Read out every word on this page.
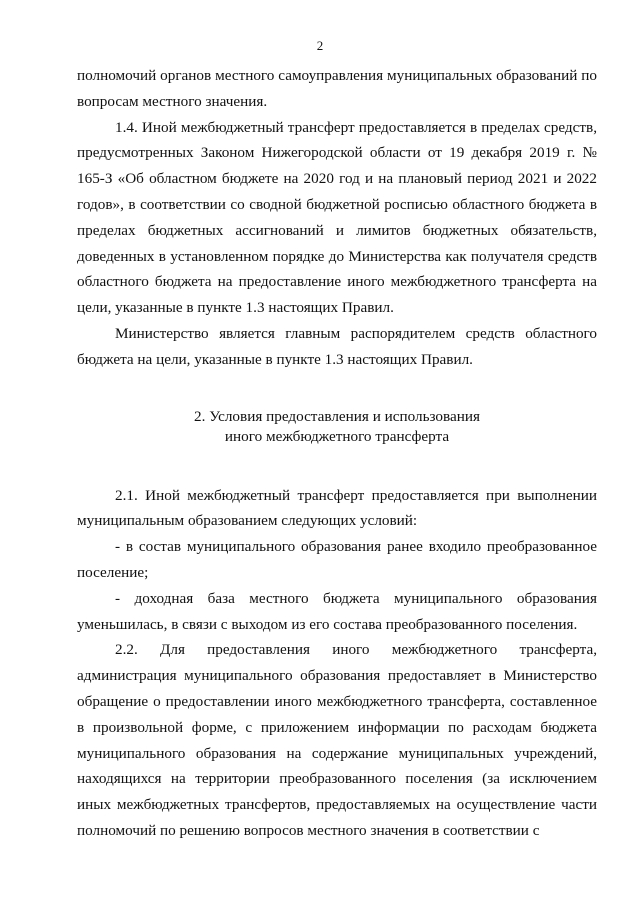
2

полномочий органов местного самоуправления муниципальных образований по вопросам местного значения.

1.4. Иной межбюджетный трансферт предоставляется в пределах средств, предусмотренных Законом Нижегородской области от 19 декабря 2019 г. № 165-З «Об областном бюджете на 2020 год и на плановый период 2021 и 2022 годов», в соответствии со сводной бюджетной росписью областного бюджета в пределах бюджетных ассигнований и лимитов бюджетных обязательств, доведенных в установленном порядке до Министерства как получателя средств областного бюджета на предоставление иного межбюджетного трансферта на цели, указанные в пункте 1.3 настоящих Правил.

Министерство является главным распорядителем средств областного бюджета на цели, указанные в пункте 1.3 настоящих Правил.

2. Условия предоставления и использования
иного межбюджетного трансферта

2.1. Иной межбюджетный трансферт предоставляется при выполнении муниципальным образованием следующих условий:

- в состав муниципального образования ранее входило преобразованное поселение;

- доходная база местного бюджета муниципального образования уменьшилась, в связи с выходом из его состава преобразованного поселения.

2.2. Для предоставления иного межбюджетного трансферта, администрация муниципального образования предоставляет в Министерство обращение о предоставлении иного межбюджетного трансферта, составленное в произвольной форме, с приложением информации по расходам бюджета муниципального образования на содержание муниципальных учреждений, находящихся на территории преобразованного поселения (за исключением иных межбюджетных трансфертов, предоставляемых на осуществление части полномочий по решению вопросов местного значения в соответствии с
